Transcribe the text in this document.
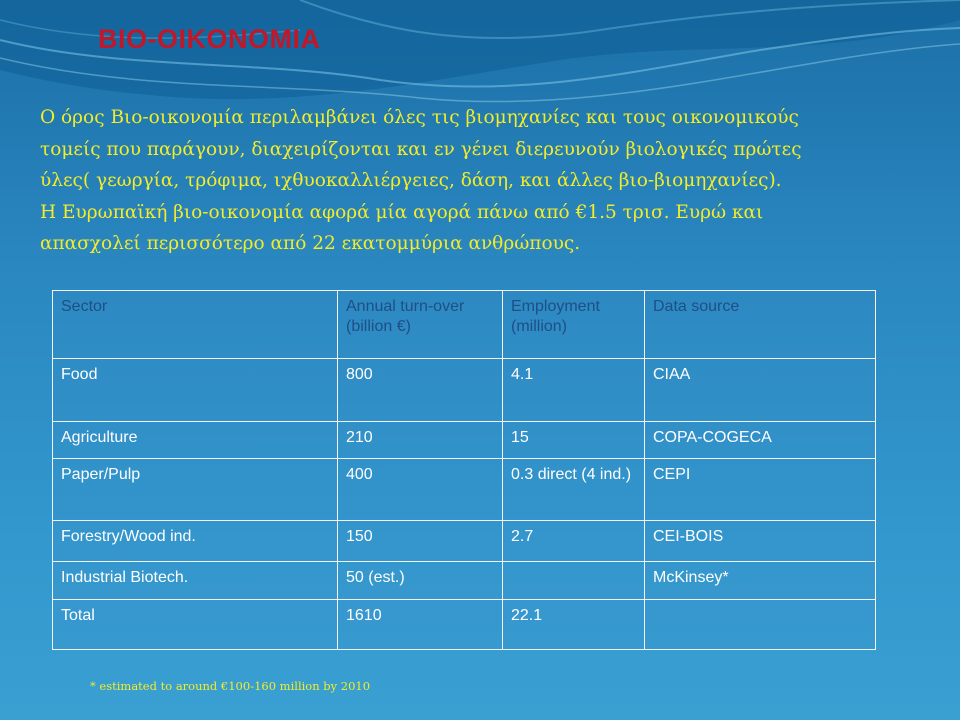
BIO-OIKONOMIA

Ο όρος Βιο-οικονομία περιλαμβάνει όλες τις βιομηχανίες και τους οικονομικούς

τομείς που παράγουν, διαχειρίζονται και εν γένει διερευνούν βιολογικές πρώτες

ύλες( γεωργία, τρόφιμα, ιχθυοκαλλιέργειες, δάση, και άλλες βιο-βιομηχανίες).

Η Ευρωπαϊκή βιο-οικονομία αφορά μία αγορά πάνω από €1.5 τρισ. Ευρώ και

απασχολεί περισσότερο από 22 εκατομμύρια ανθρώπους.

Sector	Annual turn-over (billion €)	Employment (million)	Data source
Food	800	4.1	CIAA
Agriculture	210	15	COPA-COGECA
Paper/Pulp	400	0.3 direct (4 ind.)	CEPI
Forestry/Wood ind.	150	2.7	CEI-BOIS
Industrial Biotech.	50 (est.)		McKinsey*
Total	1610	22.1	
* estimated to around €100-160 million by 2010
